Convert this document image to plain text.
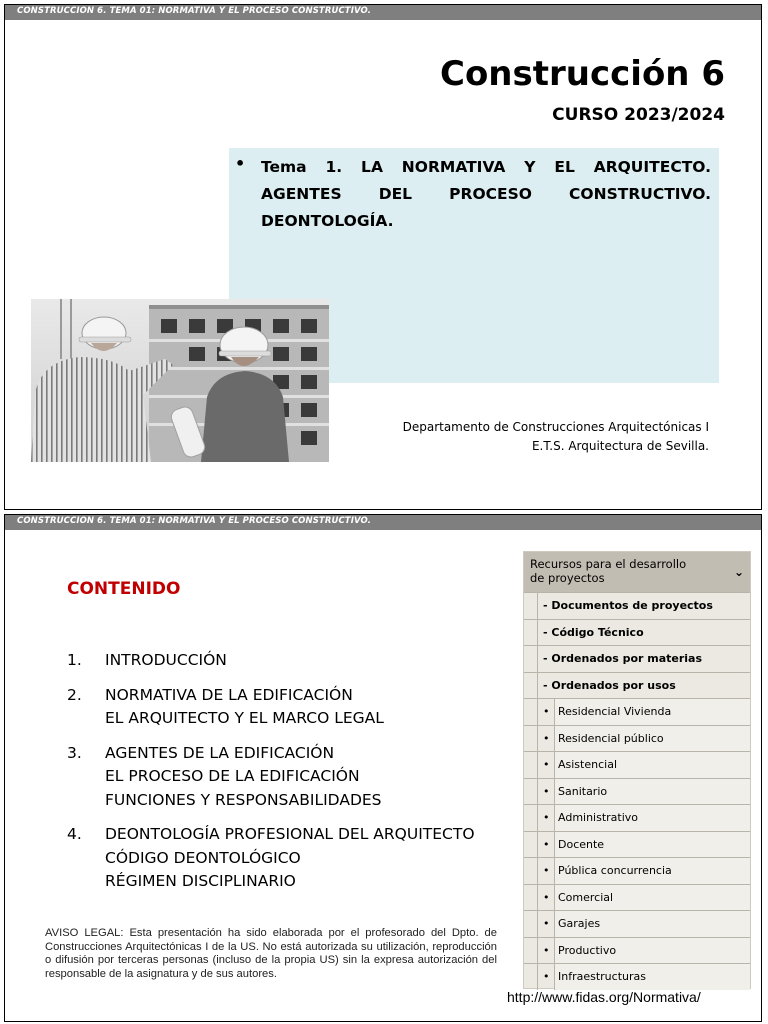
CONSTRUCCION 6. TEMA 01: NORMATIVA Y EL PROCESO CONSTRUCTIVO.
Construcción 6
CURSO 2023/2024
• Tema 1. LA NORMATIVA Y EL ARQUITECTO. AGENTES DEL PROCESO CONSTRUCTIVO. DEONTOLOGÍA.
Departamento de Construcciones Arquitectónicas I
E.T.S. Arquitectura de Sevilla.
CONSTRUCCION 6. TEMA 01: NORMATIVA Y EL PROCESO CONSTRUCTIVO.
CONTENIDO
1.	INTRODUCCIÓN
2.	NORMATIVA DE LA EDIFICACIÓN
EL ARQUITECTO Y EL MARCO LEGAL
3.	AGENTES DE LA EDIFICACIÓN
EL PROCESO DE LA EDIFICACIÓN
FUNCIONES Y RESPONSABILIDADES
4.	DEONTOLOGÍA PROFESIONAL DEL ARQUITECTO
CÓDIGO DEONTOLÓGICO
RÉGIMEN DISCIPLINARIO
AVISO LEGAL: Esta presentación ha sido elaborada por el profesorado del Dpto. de Construcciones Arquitectónicas I de la US. No está autorizada su utilización, reproducción o difusión por terceras personas (incluso de la propia US) sin la expresa autorización del responsable de la asignatura y de sus autores.
Recursos para el desarrollo
de proyectos	⌄
- Documentos de proyectos
- Código Técnico
- Ordenados por materias
- Ordenados por usos
• Residencial Vivienda
• Residencial público
• Asistencial
• Sanitario
• Administrativo
• Docente
• Pública concurrencia
• Comercial
• Garajes
• Productivo
• Infraestructuras
http://www.fidas.org/Normativa/
